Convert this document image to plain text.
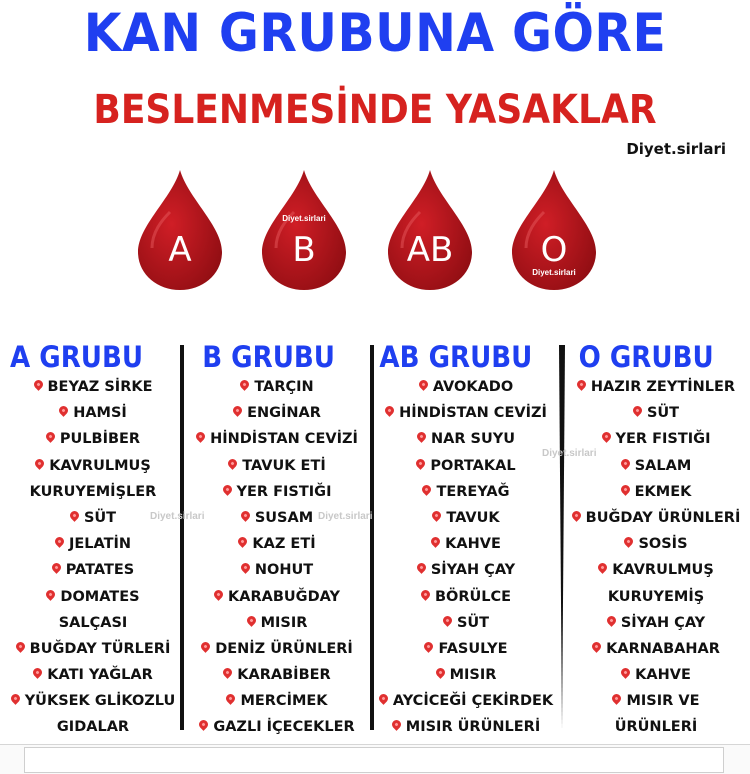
KAN GRUBUNA GÖRE
BESLENMESİNDE YASAKLAR
Diyet.sirlari
A
Diyet.sirlari
B	AB	O
Diyet.sirlari
A GRUBU
BEYAZ SİRKE
HAMSİ
PULBİBER
KAVRULMUŞ
KURUYEMİŞLER
SÜT
JELATİN
PATATES
DOMATES
SALÇASI
BUĞDAY TÜRLERİ
KATI YAĞLAR
YÜKSEK GLİKOZLU
GIDALAR
B GRUBU
TARÇIN
ENGİNAR
HİNDİSTAN CEVİZİ
TAVUK ETİ
YER FISTIĞI
SUSAM
KAZ ETİ
NOHUT
KARABUĞDAY
MISIR
DENİZ ÜRÜNLERİ
KARABİBER
MERCİMEK
GAZLI İÇECEKLER
AB GRUBU
AVOKADO
HİNDİSTAN CEVİZİ
NAR SUYU
PORTAKAL
TEREYAĞ
TAVUK
KAHVE
SİYAH ÇAY
BÖRÜLCE
SÜT
FASULYE
MISIR
AYCİCEĞİ ÇEKİRDEK
MISIR ÜRÜNLERİ
O GRUBU
HAZIR ZEYTİNLER
SÜT
YER FISTIĞI
SALAM
EKMEK
BUĞDAY ÜRÜNLERİ
SOSİS
KAVRULMUŞ
KURUYEMİŞ
SİYAH ÇAY
KARNABAHAR
KAHVE
MISIR VE
ÜRÜNLERİ
Diyet.sirlari	Diyet.sirlari
Diyet.sirlari
